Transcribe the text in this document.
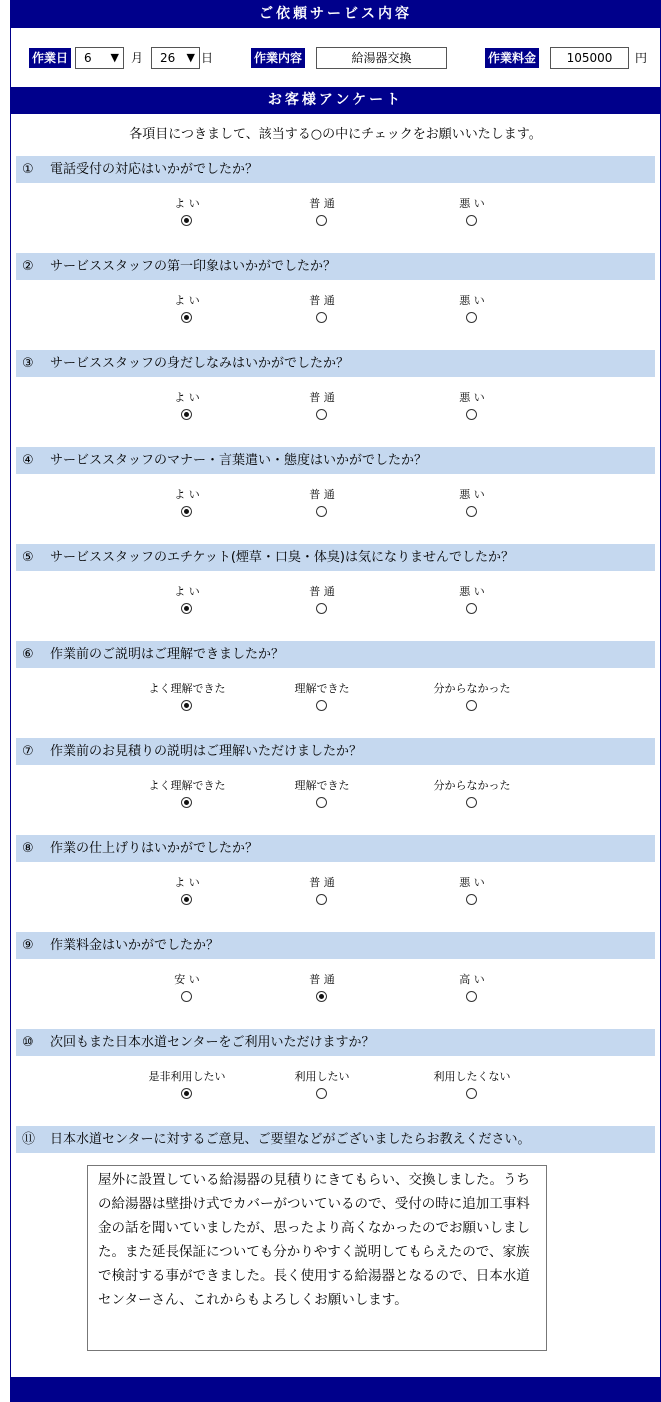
ご依頼サービス内容
作業日	6 ▼ 月	26 ▼ 日	作業内容	給湯器交換	作業料金	105000	円
お客様アンケート
各項目につきまして、該当する○の中にチェックをお願いいたします。
① 電話受付の対応はいかがでしたか？
よ い	普 通	悪 い
② サービススタッフの第一印象はいかがでしたか？
よ い	普 通	悪 い
③ サービススタッフの身だしなみはいかがでしたか？
よ い	普 通	悪 い
④ サービススタッフのマナー・言葉遣い・態度はいかがでしたか？
よ い	普 通	悪 い
⑤ サービススタッフのエチケット(煙草・口臭・体臭)は気になりませんでしたか？
よ い	普 通	悪 い
⑥ 作業前のご説明はご理解できましたか？
よく理解できた	理解できた	分からなかった
⑦ 作業前のお見積りの説明はご理解いただけましたか？
よく理解できた	理解できた	分からなかった
⑧ 作業の仕上げりはいかがでしたか？
よ い	普 通	悪 い
⑨ 作業料金はいかがでしたか？
安 い	普 通	高 い
⑩ 次回もまた日本水道センターをご利用いただけますか？
是非利用したい	利用したい	利用したくない
⑪ 日本水道センターに対するご意見、ご要望などがございましたらお教えください。
屋外に設置している給湯器の見積りにきてもらい、交換しました。うちの給湯器は壁掛け式でカバーがついているので、受付の時に追加工事料金の話を聞いていましたが、思ったより高くなかったのでお願いしました。また延長保証についても分かりやすく説明してもらえたので、家族で検討する事ができました。長く使用する給湯器となるので、日本水道センターさん、これからもよろしくお願いします。
